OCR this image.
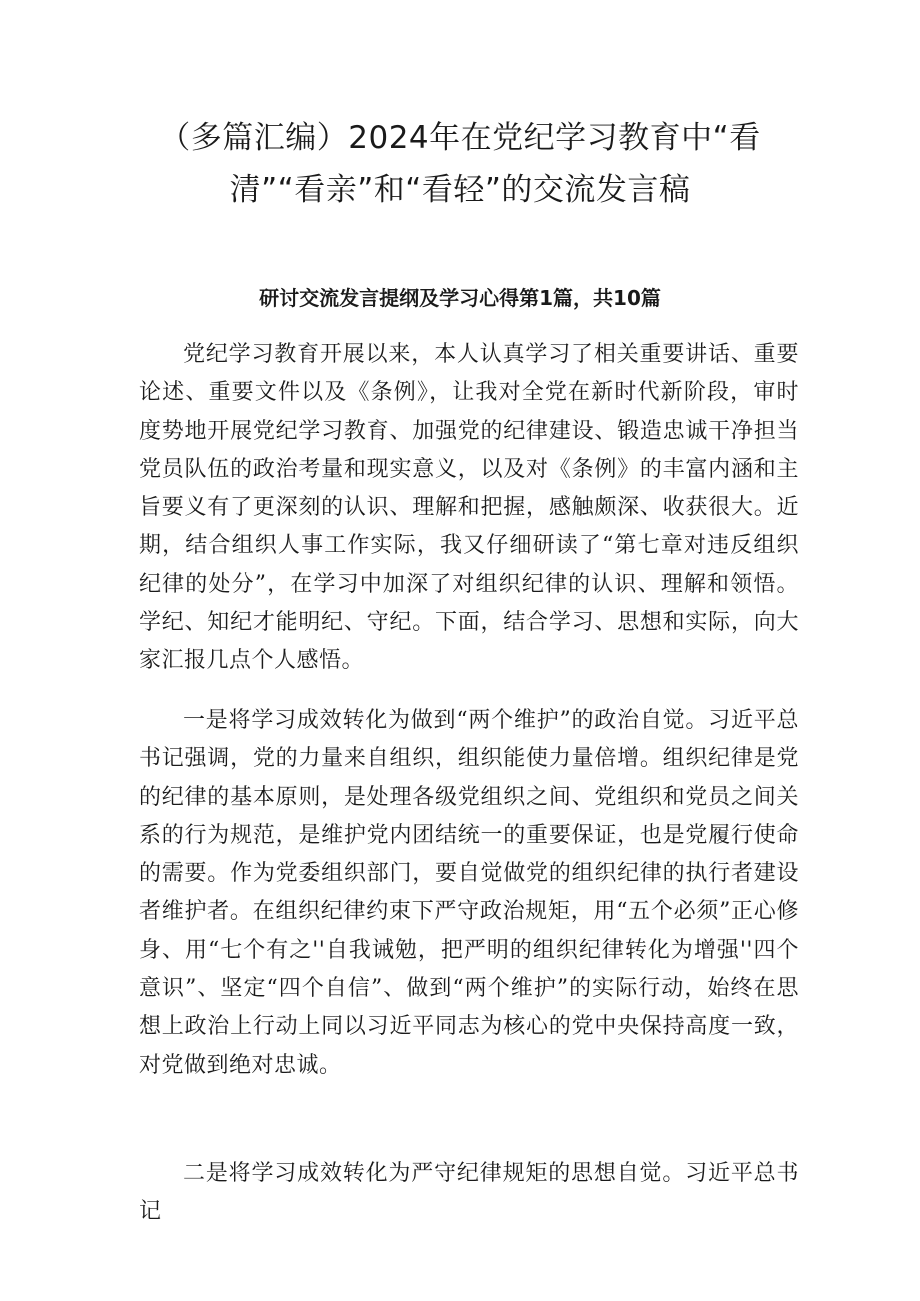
（多篇汇编）2024年在党纪学习教育中“看清”“看亲”和“看轻”的交流发言稿
研讨交流发言提纲及学习心得第1篇，共10篇

党纪学习教育开展以来，本人认真学习了相关重要讲话、重要论述、重要文件以及《条例》，让我对全党在新时代新阶段，审时度势地开展党纪学习教育、加强党的纪律建设、锻造忠诚干净担当党员队伍的政治考量和现实意义，以及对《条例》的丰富内涵和主旨要义有了更深刻的认识、理解和把握，感触颇深、收获很大。近期，结合组织人事工作实际，我又仔细研读了“第七章对违反组织纪律的处分”，在学习中加深了对组织纪律的认识、理解和领悟。学纪、知纪才能明纪、守纪。下面，结合学习、思想和实际，向大家汇报几点个人感悟。

一是将学习成效转化为做到“两个维护”的政治自觉。习近平总书记强调，党的力量来自组织，组织能使力量倍增。组织纪律是党的纪律的基本原则，是处理各级党组织之间、党组织和党员之间关系的行为规范，是维护党内团结统一的重要保证，也是党履行使命的需要。作为党委组织部门，要自觉做党的组织纪律的执行者建设者维护者。在组织纪律约束下严守政治规矩，用“五个必须”正心修身、用“七个有之''自我诫勉，把严明的组织纪律转化为增强''四个意识”、坚定“四个自信”、做到“两个维护”的实际行动，始终在思想上政治上行动上同以习近平同志为核心的党中央保持高度一致，对党做到绝对忠诚。

二是将学习成效转化为严守纪律规矩的思想自觉。习近平总书记
